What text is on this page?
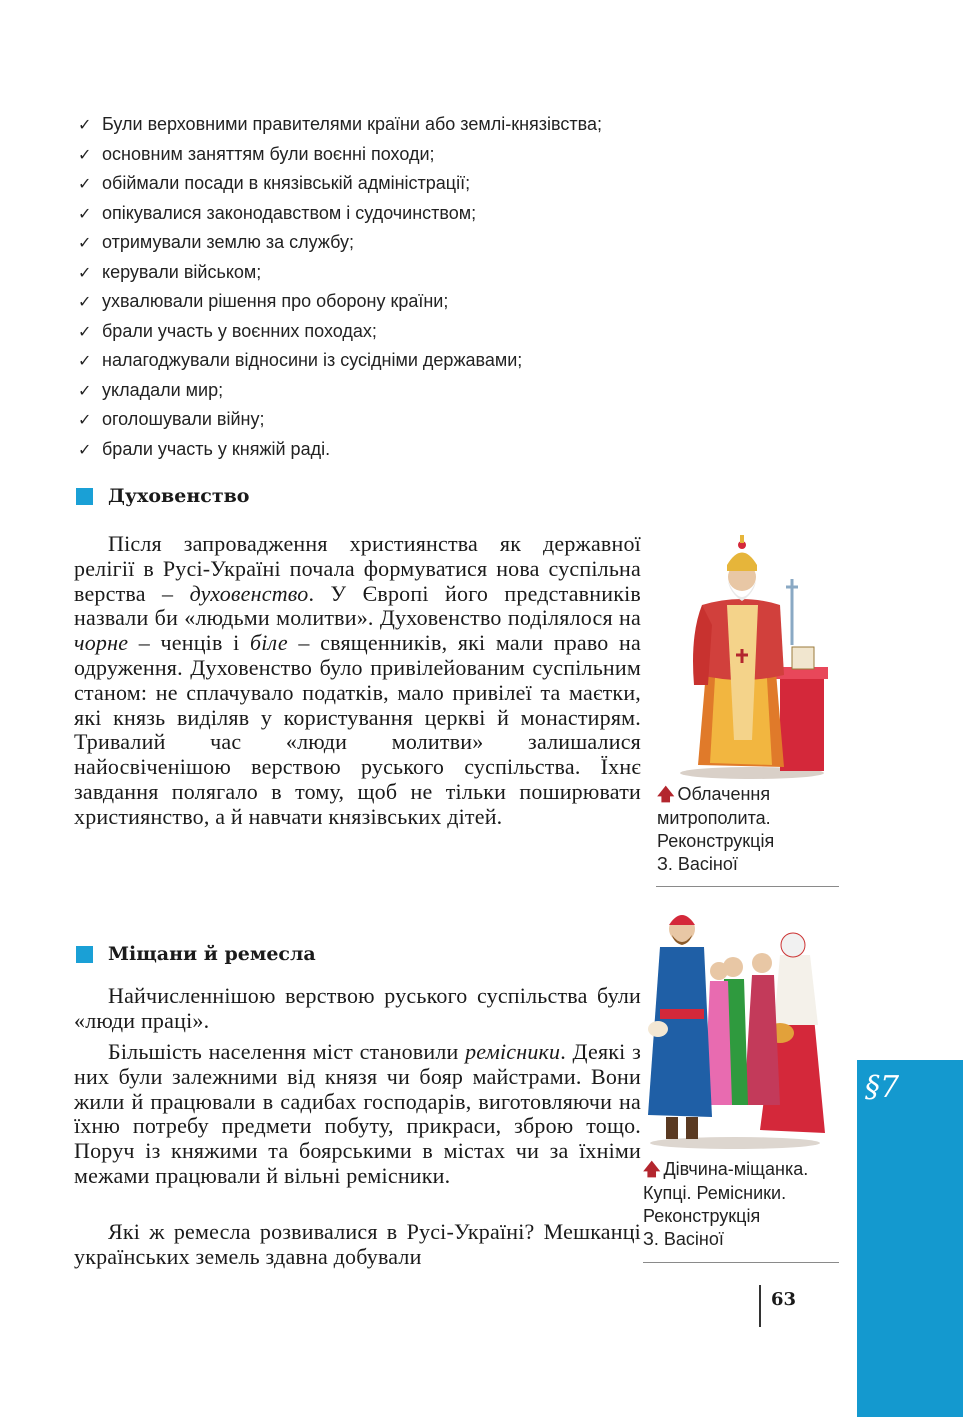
✓ Були верховними правителями країни або землі-князівства;
✓ основним заняттям були воєнні походи;
✓ обіймали посади в князівській адміністрації;
✓ опікувалися законодавством і судочинством;
✓ отримували землю за службу;
✓ керували військом;
✓ ухвалювали рішення про оборону країни;
✓ брали участь у воєнних походах;
✓ налагоджували відносини із сусідніми державами;
✓ укладали мир;
✓ оголошували війну;
✓ брали участь у княжій раді.
Духовенство

Після запровадження християнства як державної релігії в Русі-Україні почала формуватися нова суспільна верства – духовенство. У Європі його представників назвали би «людьми молитви». Духовенство поділялося на чорне – ченців і біле – священників, які мали право на одруження. Духовенство було привілейованим суспільним станом: не сплачувало податків, мало привілеї та маєтки, які князь виділяв у користування церкві й монастирям. Тривалий час «люди молитви» залишалися найосвіченішою верствою руського суспільства. Їхнє завдання полягало в тому, щоб не тільки поширювати християнство, а й навчати князівських дітей.

🡅 Облачення
митрополита.
Реконструкція
З. Васіної
Міщани й ремесла

Найчисленнішою верствою руського суспільства були «люди праці».

Більшість населення міст становили ремісники. Деякі з них були залежними від князя чи бояр майстрами. Вони жили й працювали в садибах господарів, виготовляючи на їхню потребу предмети побуту, прикраси, зброю тощо. Поруч із княжими та боярськими в містах чи за їхніми межами працювали й вільні ремісники.

Які ж ремесла розвивалися в Русі-Україні? Мешканці українських земель здавна добували

🡅 Дівчина-міщанка.
Купці. Ремісники.
Реконструкція
З. Васіної
§7
63
